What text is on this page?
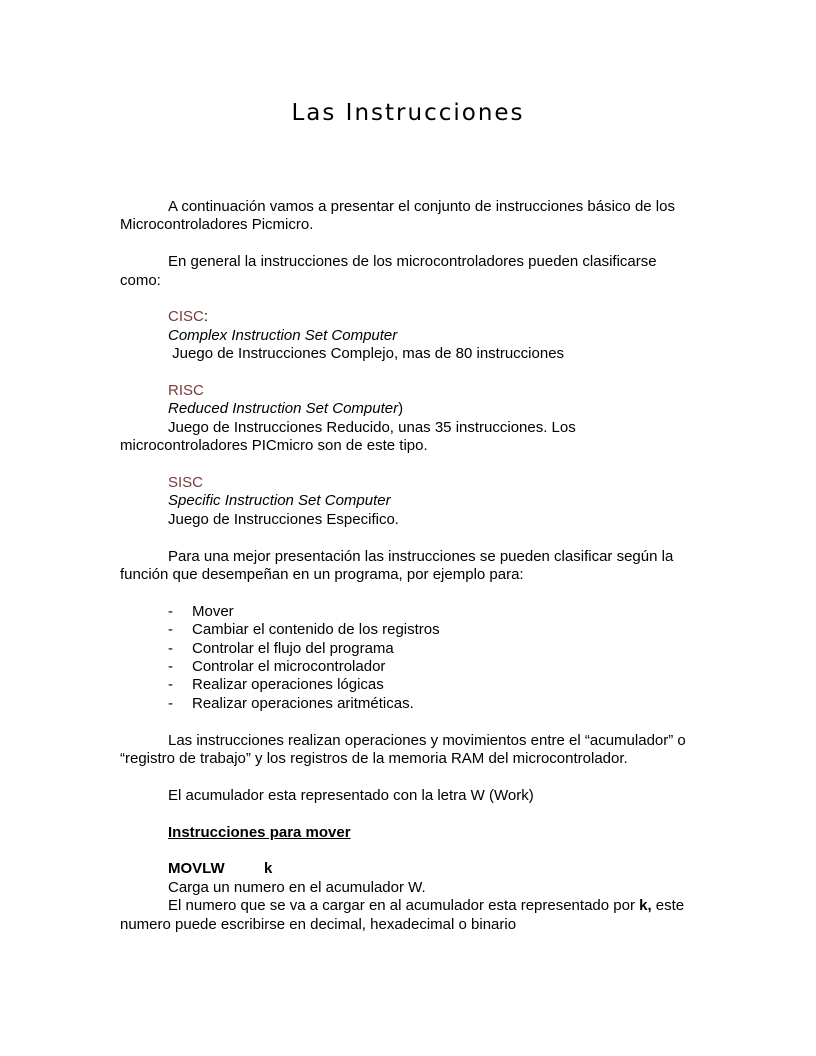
Las Instrucciones

A continuación vamos a presentar el conjunto de instrucciones básico de los Microcontroladores Picmicro.

En general la instrucciones de los microcontroladores pueden clasificarse como:

CISC:

Complex Instruction Set Computer

Juego de Instrucciones Complejo, mas de 80 instrucciones

RISC

Reduced Instruction Set Computer)

Juego de Instrucciones Reducido, unas 35 instrucciones. Los microcontroladores PICmicro son de este tipo.

SISC

Specific Instruction Set Computer

Juego de Instrucciones Especifico.

Para una mejor presentación las instrucciones se pueden clasificar según la función que desempeñan en un programa, por ejemplo para:

- Mover
- Cambiar el contenido de los registros
- Controlar el flujo del programa
- Controlar el microcontrolador
- Realizar operaciones lógicas
- Realizar operaciones aritméticas.

Las instrucciones realizan operaciones y movimientos entre el “acumulador” o “registro de trabajo” y los registros de la memoria RAM del microcontrolador.

El acumulador esta representado con la letra W (Work)

Instrucciones para mover

MOVLW	k

Carga un numero en el acumulador W.

El numero que se va a cargar en al acumulador esta representado por k, este numero puede escribirse en decimal, hexadecimal o binario
